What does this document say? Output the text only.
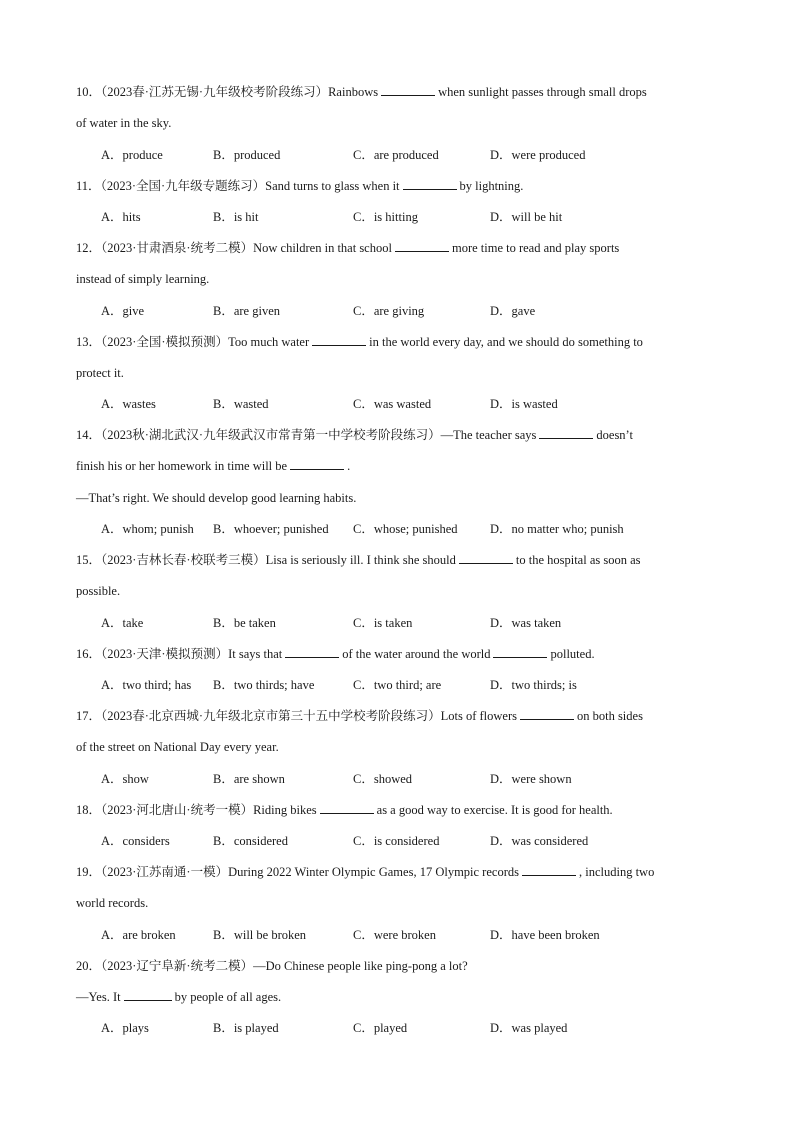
10．（2023春·江苏无锡·九年级校考阶段练习）Rainbows	when sunlight passes through small drops
of water in the sky.
A．produce	B．produced	C．are produced	D．were produced
11．（2023·全国·九年级专题练习）Sand turns to glass when it	by lightning.
A．hits	B．is hit	C．is hitting	D．will be hit
12．（2023·甘肃酒泉·统考二模）Now children in that school	more time to read and play sports
instead of simply learning.
A．give	B．are given	C．are giving	D．gave
13．（2023·全国·模拟预测）Too much water	in the world every day, and we should do something to
protect it.
A．wastes	B．wasted	C．was wasted	D．is wasted
14．（2023秋·湖北武汉·九年级武汉市常青第一中学校考阶段练习）—The teacher says	doesn’t
finish his or her homework in time will be	.
—That’s right. We should develop good learning habits.
A．whom; punish B．whoever; punished C．whose; punished	D．no matter who; punish
15．（2023·吉林长春·校联考三模）Lisa is seriously ill. I think she should	to the hospital as soon as
possible.
A．take	B．be taken	C．is taken	D．was taken
16．（2023·天津·模拟预测）It says that	of the water around the world	polluted.
A．two third; has B．two thirds; have	C．two third; are	D．two thirds; is
17．（2023春·北京西城·九年级北京市第三十五中学校考阶段练习）Lots of flowers	on both sides
of the street on National Day every year.
A．show	B．are shown	C．showed	D．were shown
18．（2023·河北唐山·统考一模）Riding bikes	as a good way to exercise. It is good for health.
A．considers	B．considered	C．is considered	D．was considered
19．（2023·江苏南通·一模）During 2022 Winter Olympic Games, 17 Olympic records	, including two
world records.
A．are broken	B．will be broken	C．were broken	D．have been broken
20．（2023·辽宁阜新·统考二模）—Do Chinese people like ping-pong a lot?
—Yes. It	by people of all ages.
A．plays	B．is played	C．played	D．was played
